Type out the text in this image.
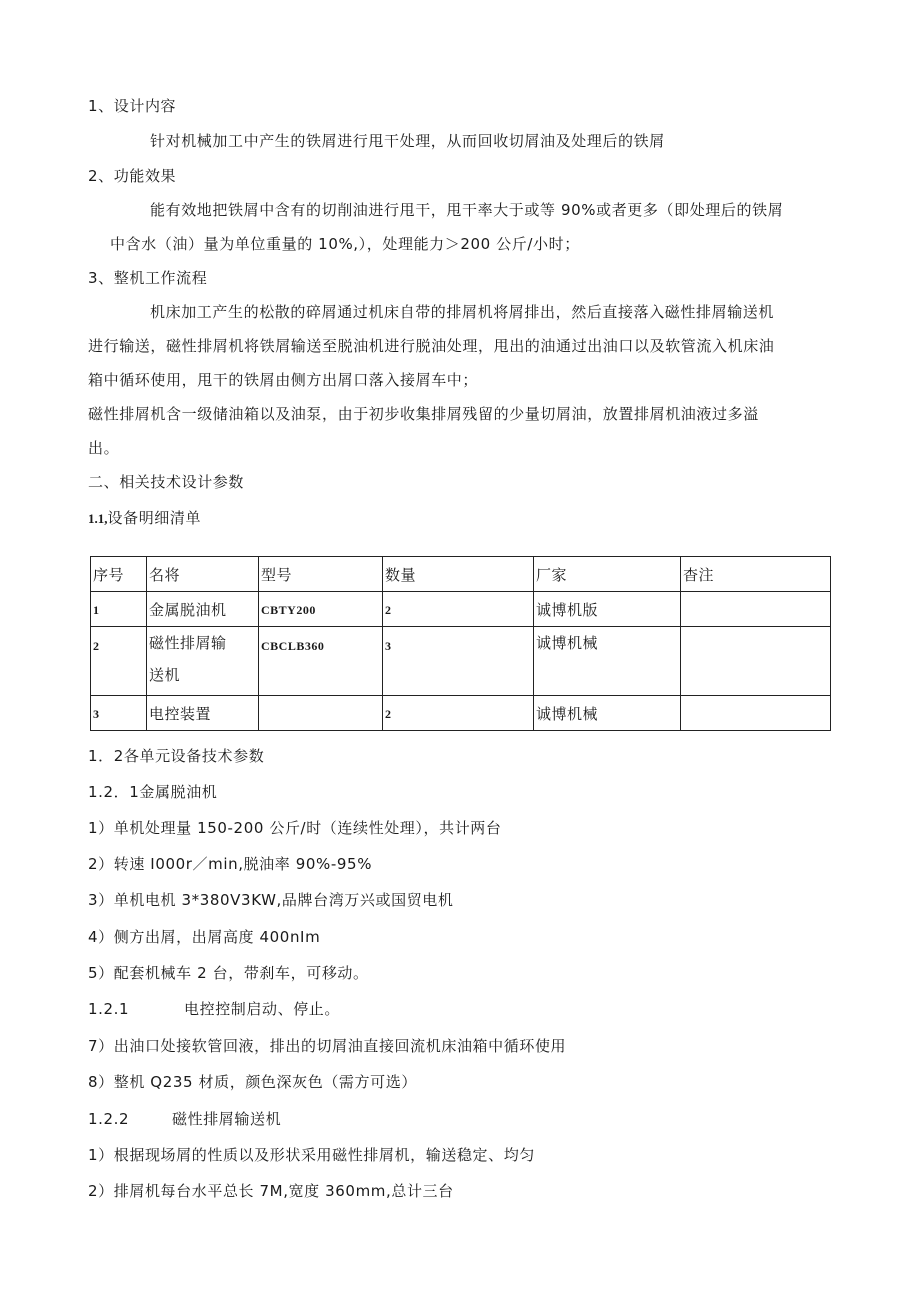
1、设计内容
针对机械加工中产生的铁屑进行甩干处理，从而回收切屑油及处理后的铁屑
2、功能效果
能有效地把铁屑中含有的切削油进行甩干，甩干率大于或等 90%或者更多（即处理后的铁屑
中含水（油）量为单位重量的 10%,），处理能力＞200 公斤/小时；
3、整机工作流程
机床加工产生的松散的碎屑通过机床自带的排屑机将屑排出，然后直接落入磁性排屑输送机
进行输送，磁性排屑机将铁屑输送至脱油机进行脱油处理，甩出的油通过出油口以及软管流入机床油
箱中循环使用，甩干的铁屑由侧方出屑口落入接屑车中；
磁性排屑机含一级储油箱以及油泵，由于初步收集排屑残留的少量切屑油，放置排屑机油液过多溢
出。
二、相关技术设计参数
1.1,设备明细清单
序号	名将	型号	数量	厂家	杳注
1	金属脱油机	CBTY200	2	诚博机版	
2	磁性排屑输
送机	CBCLB360	3	诚博机械	
3	电控装置		2	诚博机械	
1．2各单元设备技术参数
1.2．1金属脱油机
1）单机处理量 150-200 公斤/时（连续性处理），共计两台
2）转速 I000r／min,脱油率 90%-95%
3）单机电机 3*380V3KW,品牌台湾万兴或国贸电机
4）侧方出屑，出屑高度 400nIm
5）配套机械车 2 台，带刹车，可移动。
1.2.1	电控控制启动、停止。
7）出油口处接软管回液，排出的切屑油直接回流机床油箱中循环使用
8）整机 Q235 材质，颜色深灰色（需方可选）
1.2.2	磁性排屑输送机
1）根据现场屑的性质以及形状采用磁性排屑机，输送稳定、均匀
2）排屑机每台水平总长 7M,宽度 360mm,总计三台
